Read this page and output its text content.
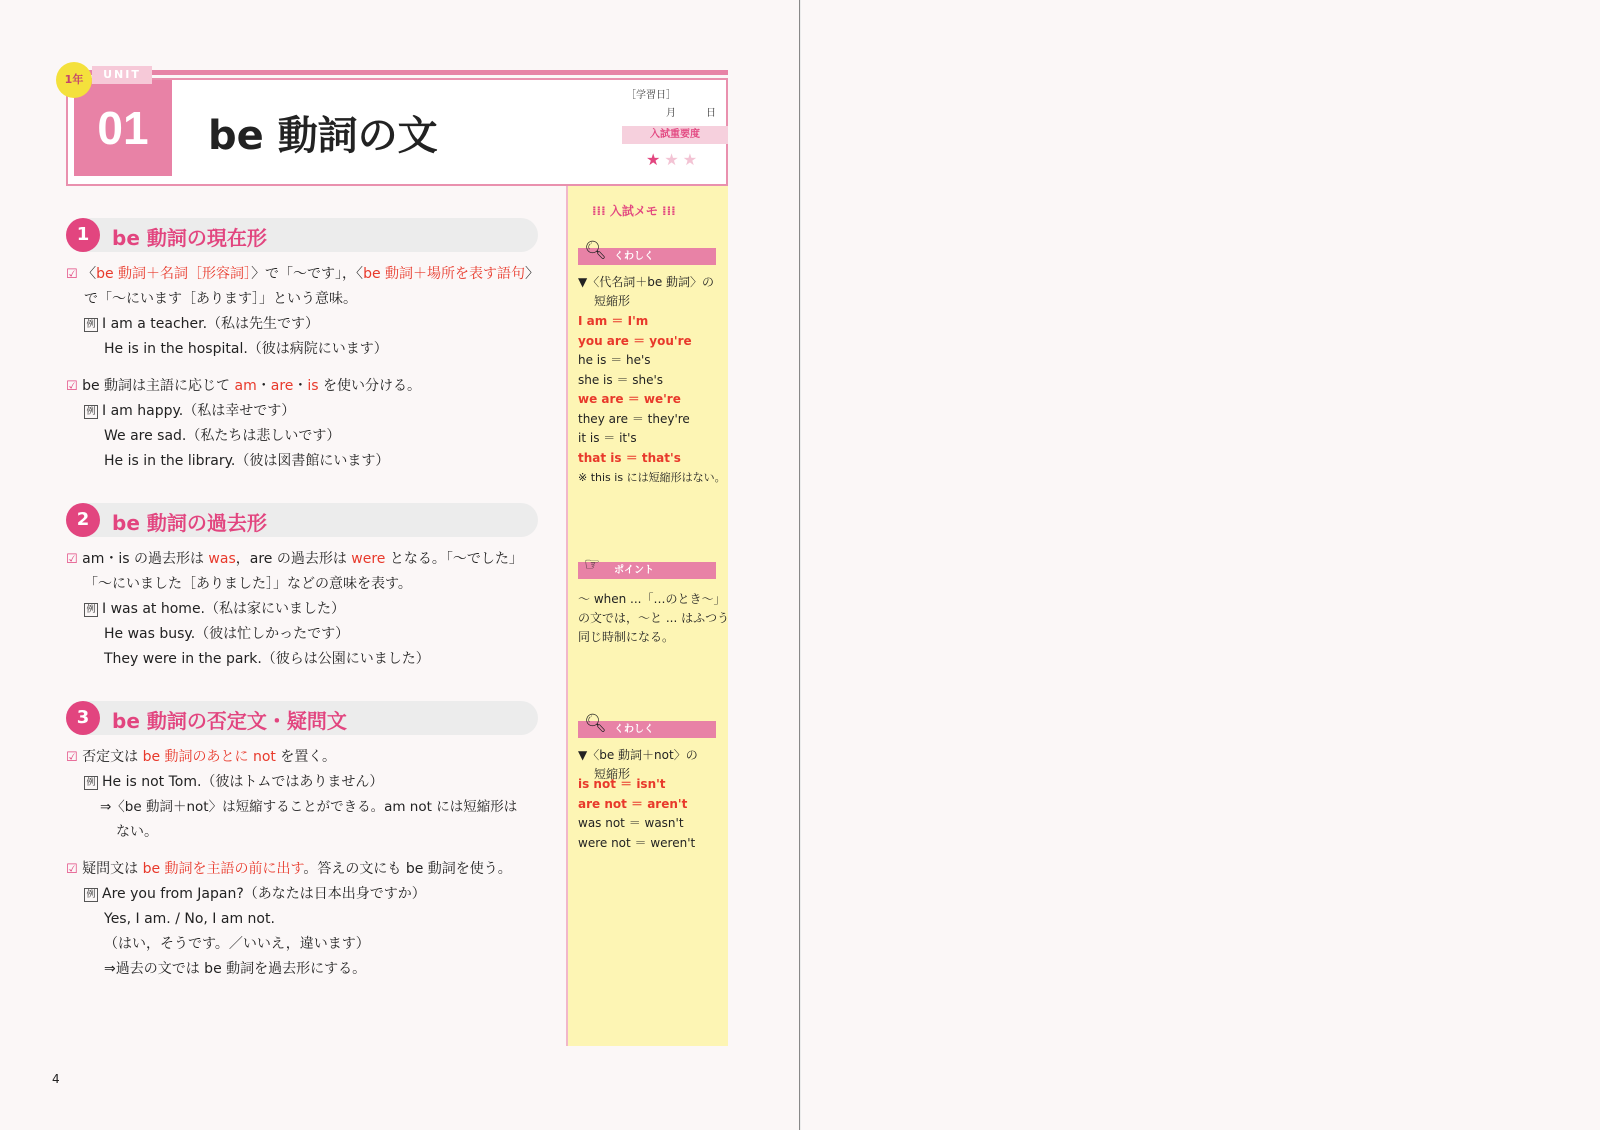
01
UNIT
1年
be 動詞の文
［学習日］
月	日
入試重要度
★★★
1	be 動詞の現在形
☑ 〈be 動詞＋名詞［形容詞］〉で「～です」，〈be 動詞＋場所を表す語句〉
で「～にいます［あります］」という意味。
例 I am a teacher.（私は先生です）
He is in the hospital.（彼は病院にいます）
☑ be 動詞は主語に応じて am・are・is を使い分ける。
例 I am happy.（私は幸せです）
We are sad.（私たちは悲しいです）
He is in the library.（彼は図書館にいます）
2	be 動詞の過去形
☑ am・is の過去形は was，are の過去形は were となる。「～でした」
「～にいました［ありました］」などの意味を表す。
例 I was at home.（私は家にいました）
He was busy.（彼は忙しかったです）
They were in the park.（彼らは公園にいました）
3	be 動詞の否定文・疑問文
☑ 否定文は be 動詞のあとに not を置く。
例 He is not Tom.（彼はトムではありません）
⇒〈be 動詞＋not〉は短縮することができる。am not には短縮形は
ない。
☑ 疑問文は be 動詞を主語の前に出す。答えの文にも be 動詞を使う。
例 Are you from Japan?（あなたは日本出身ですか）
Yes, I am. / No, I am not.
（はい，そうです。／いいえ，違います）
⇒過去の文では be 動詞を過去形にする。
⁞⁞⁞ 入試メモ ⁞⁞⁞
くわしく
🔍︎
▼〈代名詞＋be 動詞〉の
短縮形
I am ＝ I'm
you are ＝ you're
he is ＝ he's
she is ＝ she's
we are ＝ we're
they are ＝ they're
it is ＝ it's
that is ＝ that's
※ this is には短縮形はない。
ポイント
☞
～ when ...「…のとき～」
の文では，～と ... はふつう
同じ時制になる。
くわしく
🔍︎
▼〈be 動詞＋not〉の
短縮形
is not ＝ isn't
are not ＝ aren't
was not ＝ wasn't
were not ＝ weren't
4
